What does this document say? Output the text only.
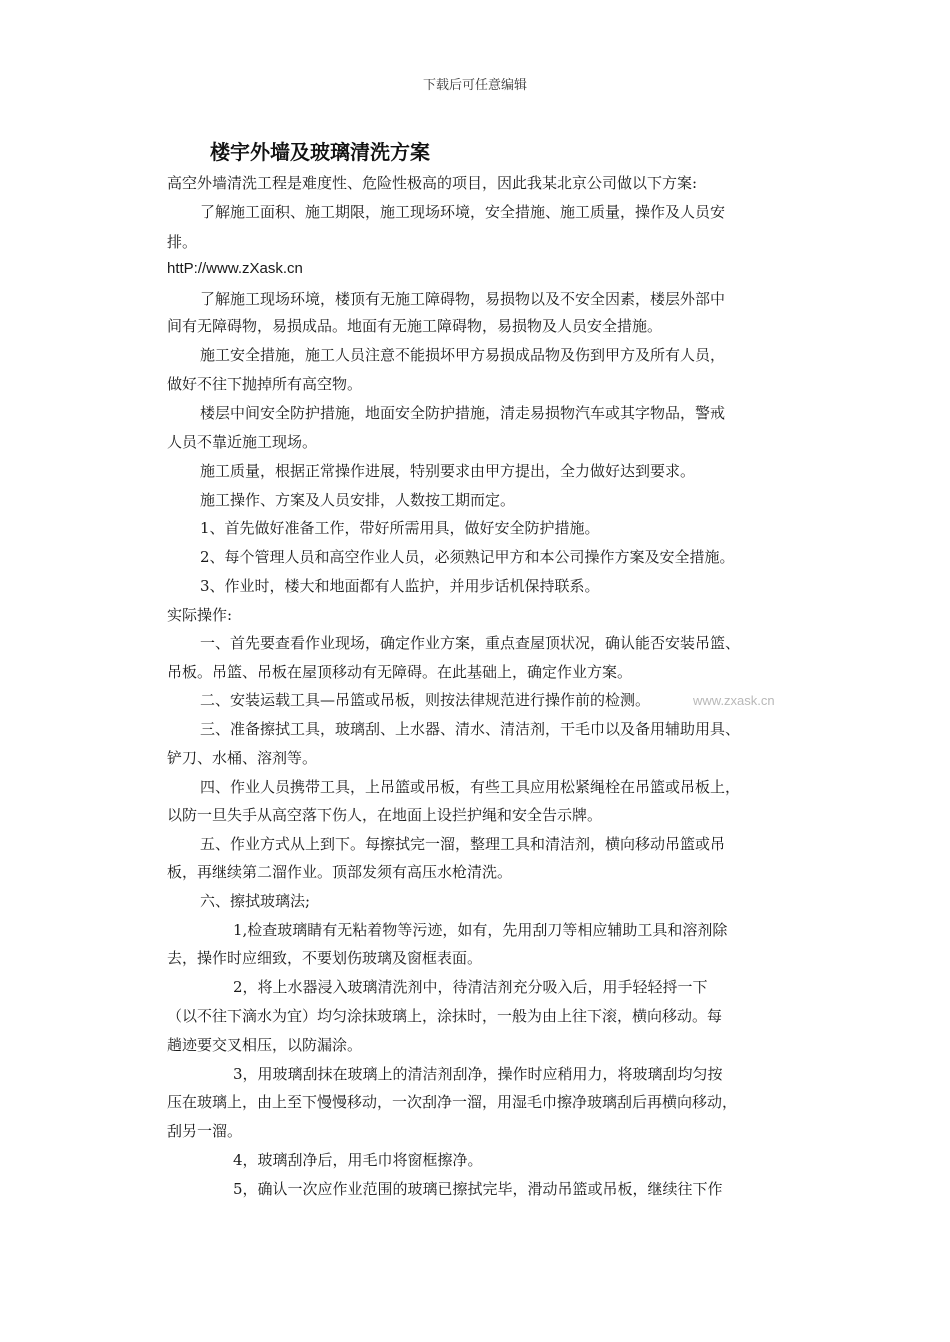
下载后可任意编辑
楼宇外墙及玻璃清洗方案
高空外墙清洗工程是难度性、危险性极高的项目，因此我某北京公司做以下方案:
了解施工面积、施工期限，施工现场环境，安全措施、施工质量，操作及人员安
排。
httP://www.zXask.cn
了解施工现场环境，楼顶有无施工障碍物，易损物以及不安全因素，楼层外部中
间有无障碍物，易损成品。地面有无施工障碍物，易损物及人员安全措施。
施工安全措施，施工人员注意不能损坏甲方易损成品物及伤到甲方及所有人员，
做好不往下抛掉所有高空物。
楼层中间安全防护措施，地面安全防护措施，清走易损物汽车或其字物品，警戒
人员不靠近施工现场。
施工质量，根据正常操作进展，特别要求由甲方提出，全力做好达到要求。
施工操作、方案及人员安排，人数按工期而定。
1、首先做好准备工作，带好所需用具，做好安全防护措施。
2、每个管理人员和高空作业人员，必须熟记甲方和本公司操作方案及安全措施。
3、作业时，楼大和地面都有人监护，并用步话机保持联系。
实际操作:
一、首先要查看作业现场，确定作业方案，重点查屋顶状况，确认能否安装吊篮、
吊板。吊篮、吊板在屋顶移动有无障碍。在此基础上，确定作业方案。
二、安装运载工具—吊篮或吊板，则按法律规范进行操作前的检测。	www.zxask.cn
三、准备擦拭工具，玻璃刮、上水器、清水、清洁剂，干毛巾以及备用辅助用具、
铲刀、水桶、溶剂等。
四、作业人员携带工具，上吊篮或吊板，有些工具应用松紧绳栓在吊篮或吊板上，
以防一旦失手从高空落下伤人，在地面上设拦护绳和安全告示牌。
五、作业方式从上到下。每擦拭完一溜，整理工具和清洁剂，横向移动吊篮或吊
板，再继续第二溜作业。顶部发须有高压水枪清洗。
六、擦拭玻璃法;
1,检查玻璃睛有无粘着物等污迹，如有，先用刮刀等相应辅助工具和溶剂除
去，操作时应细致，不要划伤玻璃及窗框表面。
2，将上水器浸入玻璃清洗剂中，待清洁剂充分吸入后，用手轻轻捋一下
（以不往下滴水为宜）均匀涂抹玻璃上，涂抹时，一般为由上往下滚，横向移动。每
趟迹要交叉相压，以防漏涂。
3，用玻璃刮抹在玻璃上的清洁剂刮净，操作时应稍用力，将玻璃刮均匀按
压在玻璃上，由上至下慢慢移动，一次刮净一溜，用湿毛巾擦净玻璃刮后再横向移动，
刮另一溜。
4，玻璃刮净后，用毛巾将窗框擦净。
5，确认一次应作业范围的玻璃已擦拭完毕，滑动吊篮或吊板，继续往下作
